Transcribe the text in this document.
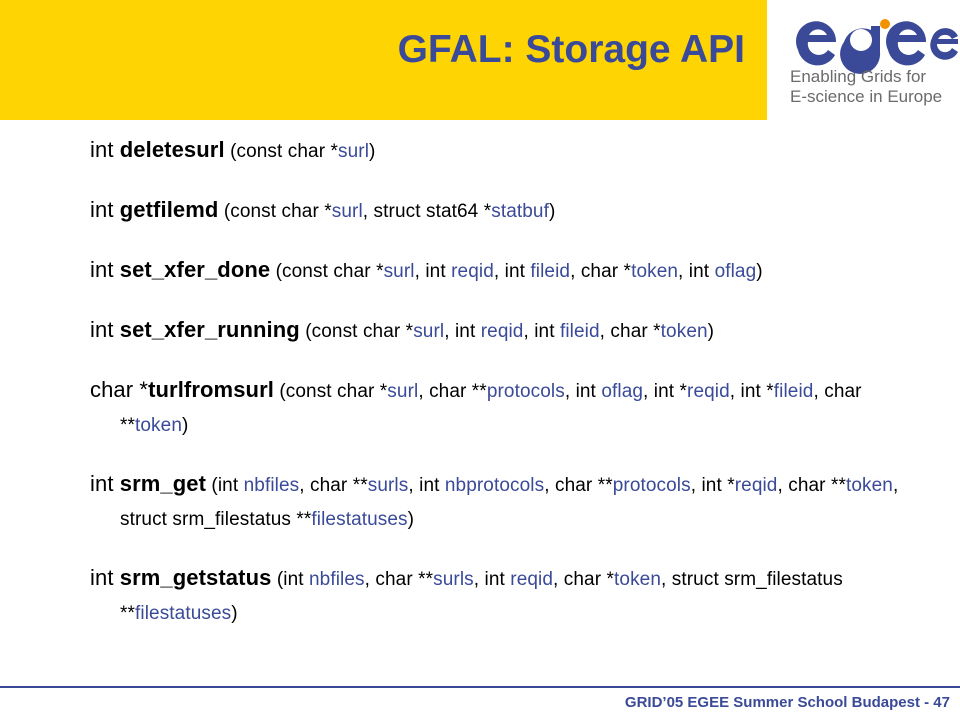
GFAL: Storage API
Enabling Grids for
E-science in Europe
int deletesurl (const char *surl)
int getfilemd (const char *surl, struct stat64 *statbuf)
int set_xfer_done (const char *surl, int reqid, int fileid, char *token, int oflag)
int set_xfer_running (const char *surl, int reqid, int fileid, char *token)
char *turlfromsurl (const char *surl, char **protocols, int oflag, int *reqid, int *fileid, char **token)
int srm_get (int nbfiles, char **surls, int nbprotocols, char **protocols, int *reqid, char **token, struct srm_filestatus **filestatuses)
int srm_getstatus (int nbfiles, char **surls, int reqid, char *token, struct srm_filestatus **filestatuses)
GRID’05 EGEE Summer School Budapest - 47
